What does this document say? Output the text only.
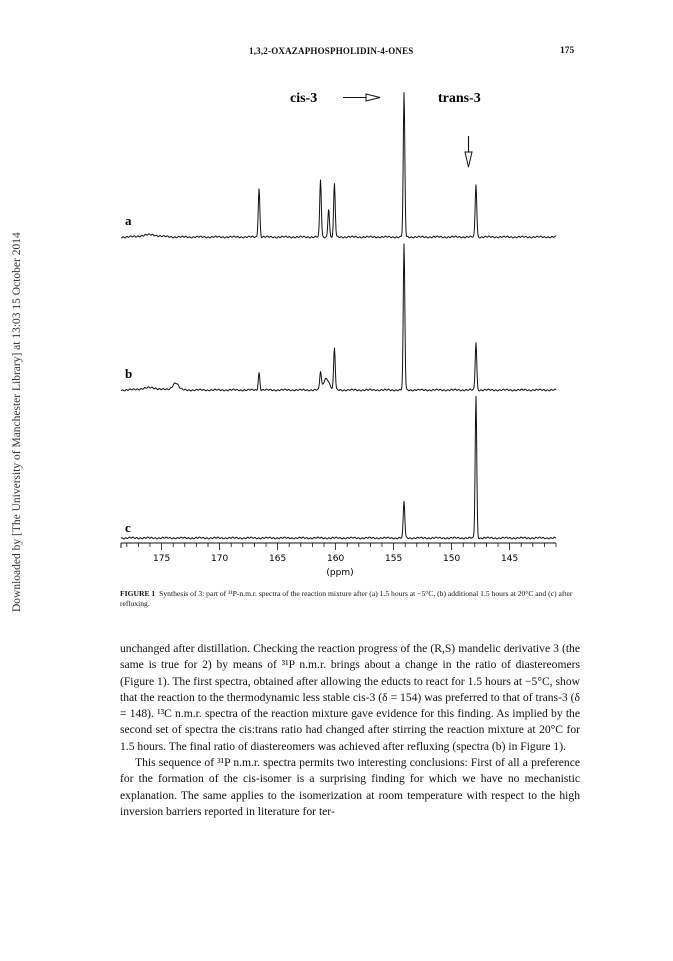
Downloaded by [The University of Manchester Library] at 13:03 15 October 2014
1,3,2-OXAZAPHOSPHOLIDIN-4-ONES	175
cis-3	trans-3
a
b
c
(ppm)
175	170	165	160	155	150	145
FIGURE 1 Synthesis of 3: part of ³¹P-n.m.r. spectra of the reaction mixture after (a) 1.5 hours at −5°C, (b) additional 1.5 hours at 20°C and (c) after refluxing.

unchanged after distillation. Checking the reaction progress of the (R,S) mandelic derivative 3 (the same is true for 2) by means of ³¹P n.m.r. brings about a change in the ratio of diastereomers (Figure 1). The first spectra, obtained after allowing the educts to react for 1.5 hours at −5°C, show that the reaction to the thermodynamic less stable cis-3 (δ = 154) was preferred to that of trans-3 (δ = 148). ¹³C n.m.r. spectra of the reaction mixture gave evidence for this finding. As implied by the second set of spectra the cis:trans ratio had changed after stirring the reaction mixture at 20°C for 1.5 hours. The final ratio of diastereomers was achieved after refluxing (spectra (b) in Figure 1).

This sequence of ³¹P n.m.r. spectra permits two interesting conclusions: First of all a preference for the formation of the cis-isomer is a surprising finding for which we have no mechanistic explanation. The same applies to the isomerization at room temperature with respect to the high inversion barriers reported in literature for ter-
